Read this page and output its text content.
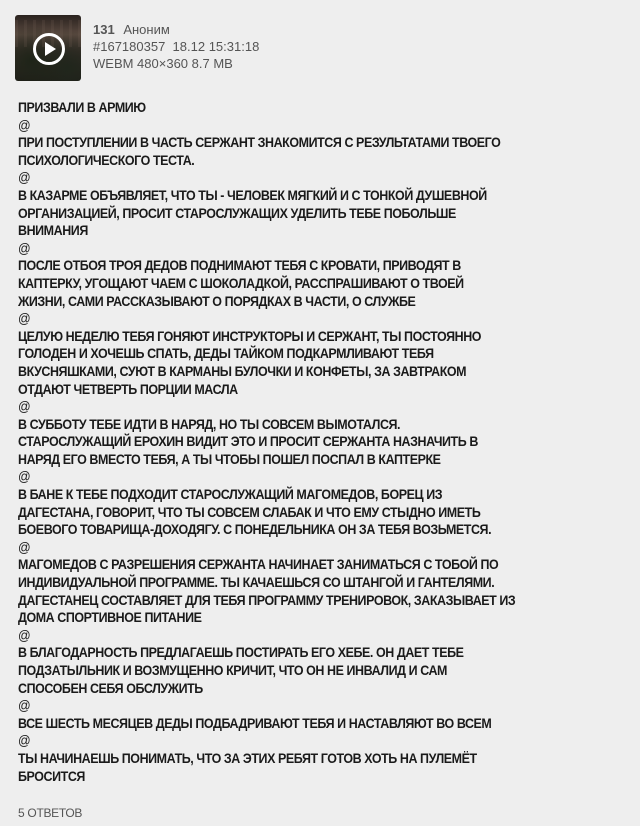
131 Аноним
#167180357 18.12 15:31:18
WEBM 480×360 8.7 MB
ПРИЗВАЛИ В АРМИЮ
@
ПРИ ПОСТУПЛЕНИИ В ЧАСТЬ СЕРЖАНТ ЗНАКОМИТСЯ С РЕЗУЛЬТАТАМИ ТВОЕГО
ПСИХОЛОГИЧЕСКОГО ТЕСТА.
@
В КАЗАРМЕ ОБЪЯВЛЯЕТ, ЧТО ТЫ - ЧЕЛОВЕК МЯГКИЙ И С ТОНКОЙ ДУШЕВНОЙ
ОРГАНИЗАЦИЕЙ, ПРОСИТ СТАРОСЛУЖАЩИХ УДЕЛИТЬ ТЕБЕ ПОБОЛЬШЕ
ВНИМАНИЯ
@
ПОСЛЕ ОТБОЯ ТРОЯ ДЕДОВ ПОДНИМАЮТ ТЕБЯ С КРОВАТИ, ПРИВОДЯТ В
КАПТЕРКУ, УГОЩАЮТ ЧАЕМ С ШОКОЛАДКОЙ, РАССПРАШИВАЮТ О ТВОЕЙ
ЖИЗНИ, САМИ РАССКАЗЫВАЮТ О ПОРЯДКАХ В ЧАСТИ, О СЛУЖБЕ
@
ЦЕЛУЮ НЕДЕЛЮ ТЕБЯ ГОНЯЮТ ИНСТРУКТОРЫ И СЕРЖАНТ, ТЫ ПОСТОЯННО
ГОЛОДЕН И ХОЧЕШЬ СПАТЬ, ДЕДЫ ТАЙКОМ ПОДКАРМЛИВАЮТ ТЕБЯ
ВКУСНЯШКАМИ, СУЮТ В КАРМАНЫ БУЛОЧКИ И КОНФЕТЫ, ЗА ЗАВТРАКОМ
ОТДАЮТ ЧЕТВЕРТЬ ПОРЦИИ МАСЛА
@
В СУББОТУ ТЕБЕ ИДТИ В НАРЯД, НО ТЫ СОВСЕМ ВЫМОТАЛСЯ.
СТАРОСЛУЖАЩИЙ ЕРОХИН ВИДИТ ЭТО И ПРОСИТ СЕРЖАНТА НАЗНАЧИТЬ В
НАРЯД ЕГО ВМЕСТО ТЕБЯ, А ТЫ ЧТОБЫ ПОШЕЛ ПОСПАЛ В КАПТЕРКЕ
@
В БАНЕ К ТЕБЕ ПОДХОДИТ СТАРОСЛУЖАЩИЙ МАГОМЕДОВ, БОРЕЦ ИЗ
ДАГЕСТАНА, ГОВОРИТ, ЧТО ТЫ СОВСЕМ СЛАБАК И ЧТО ЕМУ СТЫДНО ИМЕТЬ
БОЕВОГО ТОВАРИЩА-ДОХОДЯГУ. С ПОНЕДЕЛЬНИКА ОН ЗА ТЕБЯ ВОЗЬМЕТСЯ.
@
МАГОМЕДОВ С РАЗРЕШЕНИЯ СЕРЖАНТА НАЧИНАЕТ ЗАНИМАТЬСЯ С ТОБОЙ ПО
ИНДИВИДУАЛЬНОЙ ПРОГРАММЕ. ТЫ КАЧАЕШЬСЯ СО ШТАНГОЙ И ГАНТЕЛЯМИ.
ДАГЕСТАНЕЦ СОСТАВЛЯЕТ ДЛЯ ТЕБЯ ПРОГРАММУ ТРЕНИРОВОК, ЗАКАЗЫВАЕТ ИЗ
ДОМА СПОРТИВНОЕ ПИТАНИЕ
@
В БЛАГОДАРНОСТЬ ПРЕДЛАГАЕШЬ ПОСТИРАТЬ ЕГО ХЕБЕ. ОН ДАЕТ ТЕБЕ
ПОДЗАТЫЛЬНИК И ВОЗМУЩЕННО КРИЧИТ, ЧТО ОН НЕ ИНВАЛИД И САМ
СПОСОБЕН СЕБЯ ОБСЛУЖИТЬ
@
ВСЕ ШЕСТЬ МЕСЯЦЕВ ДЕДЫ ПОДБАДРИВАЮТ ТЕБЯ И НАСТАВЛЯЮТ ВО ВСЕМ
@
ТЫ НАЧИНАЕШЬ ПОНИМАТЬ, ЧТО ЗА ЭТИХ РЕБЯТ ГОТОВ ХОТЬ НА ПУЛЕМЁТ
БРОСИТСЯ
5 ОТВЕТОВ
